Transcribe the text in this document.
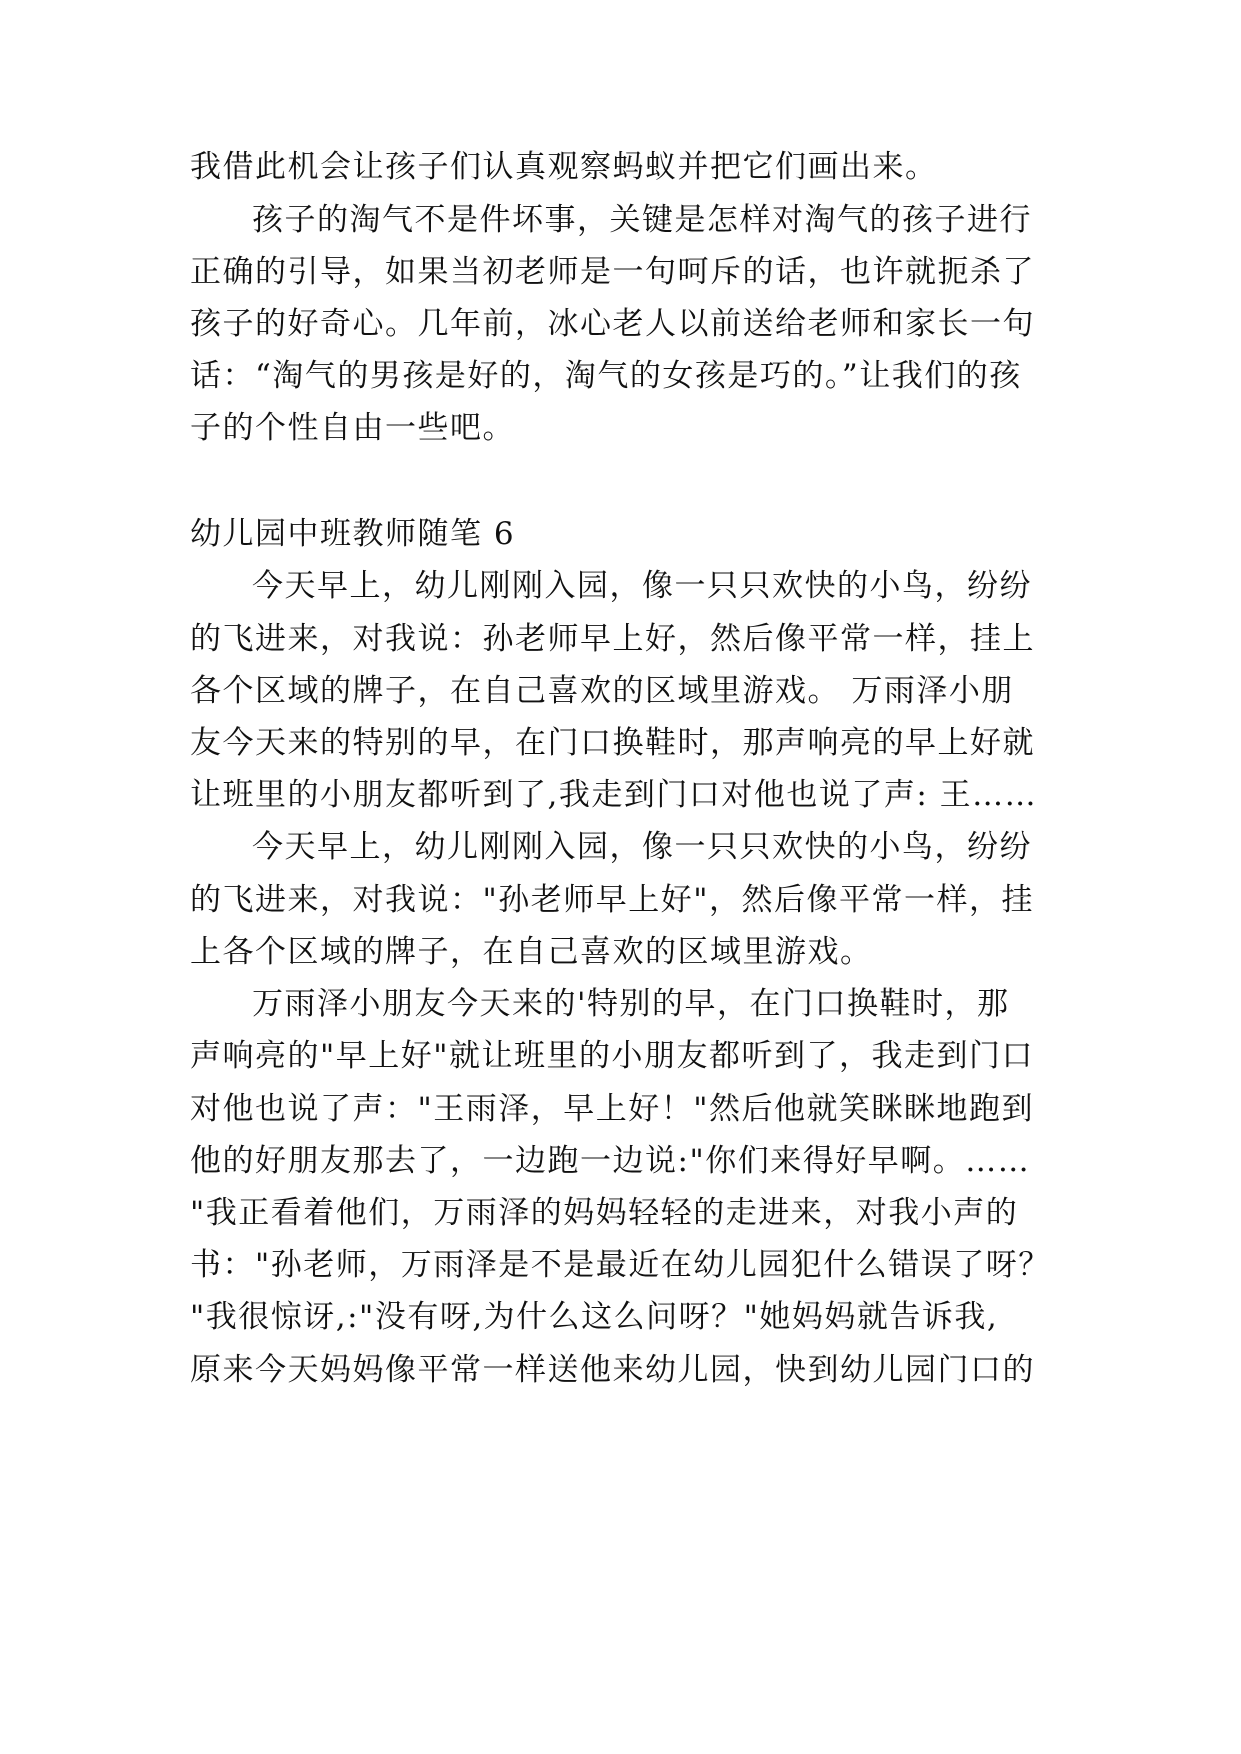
我借此机会让孩子们认真观察蚂蚁并把它们画出来。
孩子的淘气不是件坏事，关键是怎样对淘气的孩子进行
正确的引导，如果当初老师是一句呵斥的话，也许就扼杀了
孩子的好奇心。几年前，冰心老人以前送给老师和家长一句
话：“淘气的男孩是好的，淘气的女孩是巧的。”让我们的孩
子的个性自由一些吧。
幼儿园中班教师随笔 6
今天早上，幼儿刚刚入园，像一只只欢快的小鸟，纷纷
的飞进来，对我说：孙老师早上好，然后像平常一样，挂上
各个区域的牌子，在自己喜欢的区域里游戏。 万雨泽小朋
友今天来的特别的早，在门口换鞋时，那声响亮的早上好就
让班里的小朋友都听到了,我走到门口对他也说了声: 王……
今天早上，幼儿刚刚入园，像一只只欢快的小鸟，纷纷
的飞进来，对我说："孙老师早上好"，然后像平常一样，挂
上各个区域的牌子，在自己喜欢的区域里游戏。
万雨泽小朋友今天来的'特别的早，在门口换鞋时，那
声响亮的"早上好"就让班里的小朋友都听到了，我走到门口
对他也说了声："王雨泽，早上好！"然后他就笑眯眯地跑到
他的好朋友那去了，一边跑一边说:"你们来得好早啊。……
"我正看着他们，万雨泽的妈妈轻轻的走进来，对我小声的
书："孙老师，万雨泽是不是最近在幼儿园犯什么错误了呀？
"我很惊讶,:"没有呀,为什么这么问呀？"她妈妈就告诉我,
原来今天妈妈像平常一样送他来幼儿园，快到幼儿园门口的
